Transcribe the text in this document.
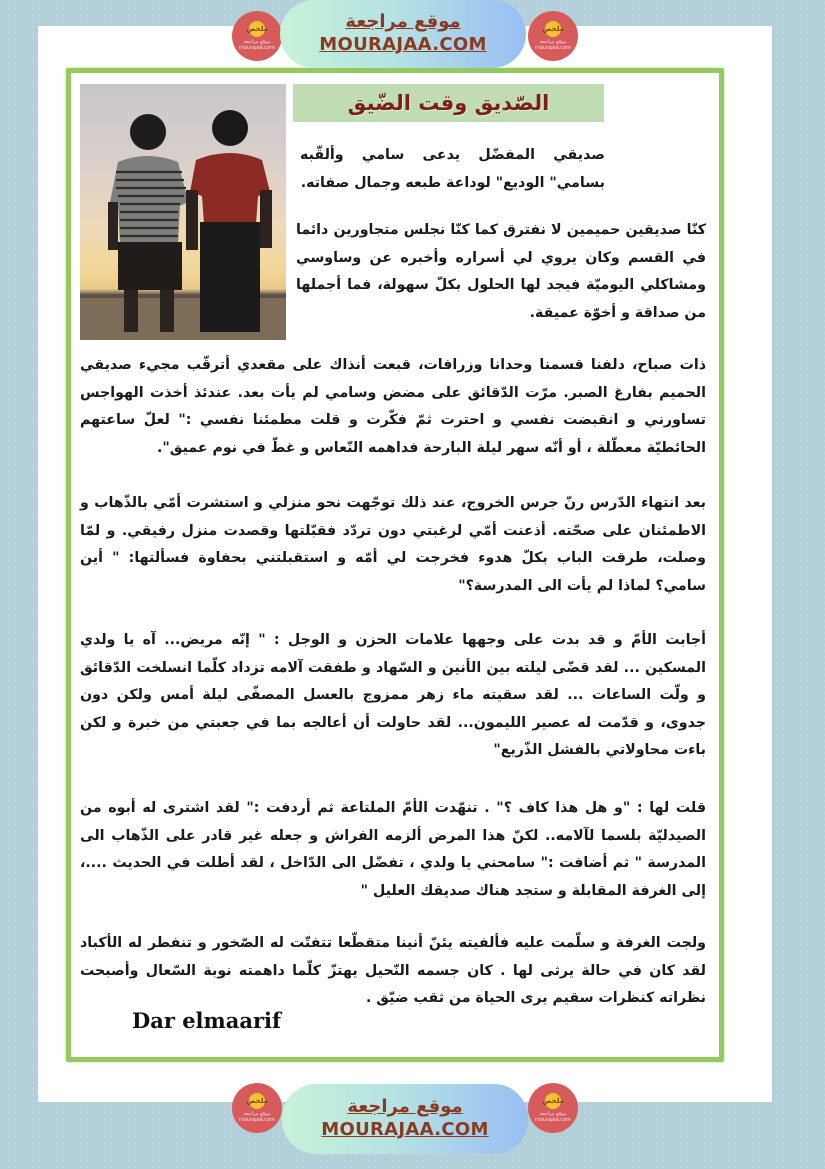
ملخص
موقع مراجعة mourajaa.com
موقع مراجعة
MOURAJAA.COM
ملخص
موقع مراجعة mourajaa.com
الصّديق وقت الضّيق
صديقي المفضّل يدعى سامي وألقّبه بسامي" الوديع" لوداعة طبعه وجمال صفاته.
كنّا صديقين حميمين لا نفترق كما كنّا نجلس متجاورين دائما في القسم وكان يروي لي أسراره وأخبره عن وساوسي ومشاكلي اليوميّة فيجد لها الحلول بكلّ سهولة، فما أجملها من صداقة و أخوّة عميقة.
ذات صباح، دلفنا قسمنا وحدانا وزرافات، قبعت أنذاك على مقعدي أترقّب مجيء صديقي الحميم بفارغ الصبر. مرّت الدّقائق على مضض وسامي لم يأت بعد. عندئذ أخذت الهواجس تساورني و انقبضت نفسي و احترت ثمّ فكّرت و قلت مطمئنا نفسي :" لعلّ ساعتهم الحائطيّة معطّلة ، أو أنّه سهر ليلة البارحة فداهمه النّعاس و غطّ في نوم عميق".
بعد انتهاء الدّرس رنّ جرس الخروج، عند ذلك توجّهت نحو منزلي و استشرت أمّي بالذّهاب و الاطمئنان على صحّته. أذعنت أمّي لرغبتي دون تردّد فقبّلتها وقصدت منزل رفيقي. و لمّا وصلت، طرقت الباب بكلّ هدوء فخرجت لي أمّه و استقبلتني بحفاوة فسألتها: " أين سامي؟ لماذا لم يأت الى المدرسة؟"
أجابت الأمّ و قد بدت على وجهها علامات الحزن و الوجل : " إنّه مريض... آه يا ولدي المسكين ... لقد قضّى ليلته بين الأنين و السّهاد و طفقت آلامه تزداد كلّما انسلخت الدّقائق و ولّت الساعات ... لقد سقيته ماء زهر ممزوج بالعسل المصفّى ليلة أمس ولكن دون جدوى، و قدّمت له عصير الليمون... لقد حاولت أن أعالجه بما في جعبتي من خبرة و لكن باءت محاولاتي بالفشل الذّريع"
قلت لها : "و هل هذا كاف ؟" . تنهّدت الأمّ الملتاعة ثم أردفت :" لقد اشترى له أبوه من الصيدليّة بلسما لآلامه.. لكنّ هذا المرض ألزمه الفراش و جعله غير قادر على الذّهاب الى المدرسة " ثم أضافت :" سامحني يا ولدي ، تفضّل الى الدّاخل ، لقد أطلت في الحديث ....، إلى الغرفة المقابلة و ستجد هناك صديقك العليل "
ولجت الغرفة و سلّمت عليه فألفيته يئنّ أنينا متقطّعا تتفتّت له الصّخور و تنفطر له الأكباد لقد كان في حالة يرثى لها . كان جسمه النّحيل يهتزّ كلّما داهمته نوبة السّعال وأصبحت نظراته كنظرات سقيم يرى الحياة من ثقب ضيّق .
Dar elmaarif
ملخص
موقع مراجعة mourajaa.com
موقع مراجعة
MOURAJAA.COM
ملخص
موقع مراجعة mourajaa.com
